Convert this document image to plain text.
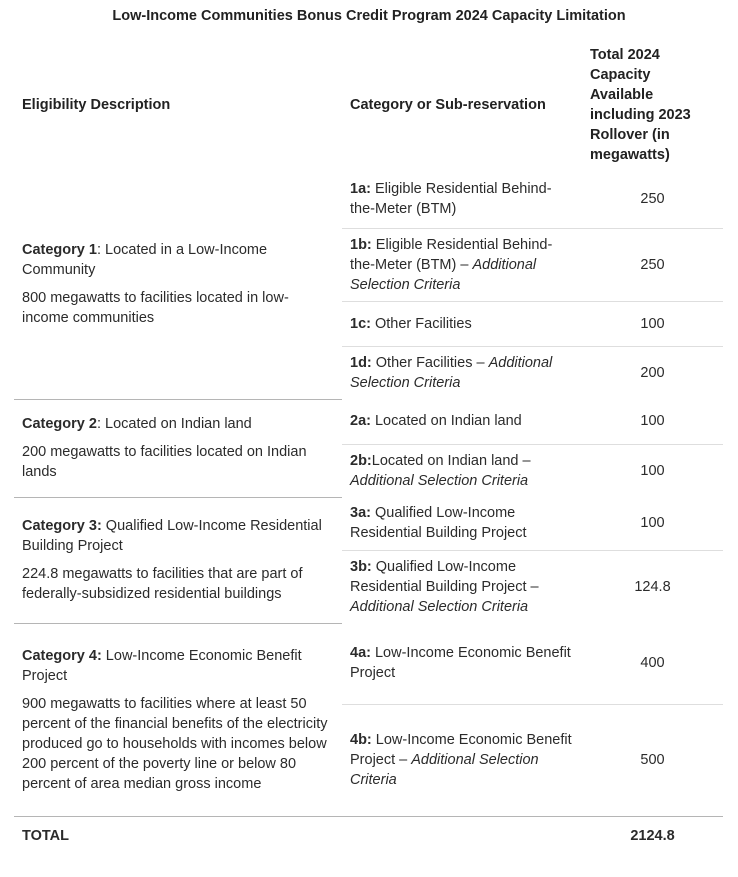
Low-Income Communities Bonus Credit Program 2024 Capacity Limitation
Eligibility Description	Category or Sub-reservation	Total 2024 Capacity Available including 2023 Rollover (in megawatts)

Category 1: Located in a Low-Income Community

800 megawatts to facilities located in low-income communities	1a: Eligible Residential Behind-the-Meter (BTM)	250
	1b: Eligible Residential Behind-the-Meter (BTM) – Additional Selection Criteria	250
	1c: Other Facilities	100
	1d: Other Facilities – Additional Selection Criteria	200

Category 2: Located on Indian land

200 megawatts to facilities located on Indian lands	2a: Located on Indian land	100
	2b:Located on Indian land – Additional Selection Criteria	100

Category 3: Qualified Low-Income Residential Building Project

224.8 megawatts to facilities that are part of federally-subsidized residential buildings	3a: Qualified Low-Income Residential Building Project	100
	3b: Qualified Low-Income Residential Building Project – Additional Selection Criteria	124.8

Category 4: Low-Income Economic Benefit Project

900 megawatts to facilities where at least 50 percent of the financial benefits of the electricity produced go to households with incomes below 200 percent of the poverty line or below 80 percent of area median gross income	4a: Low-Income Economic Benefit Project	400
	4b: Low-Income Economic Benefit Project – Additional Selection Criteria	500
TOTAL		2124.8
